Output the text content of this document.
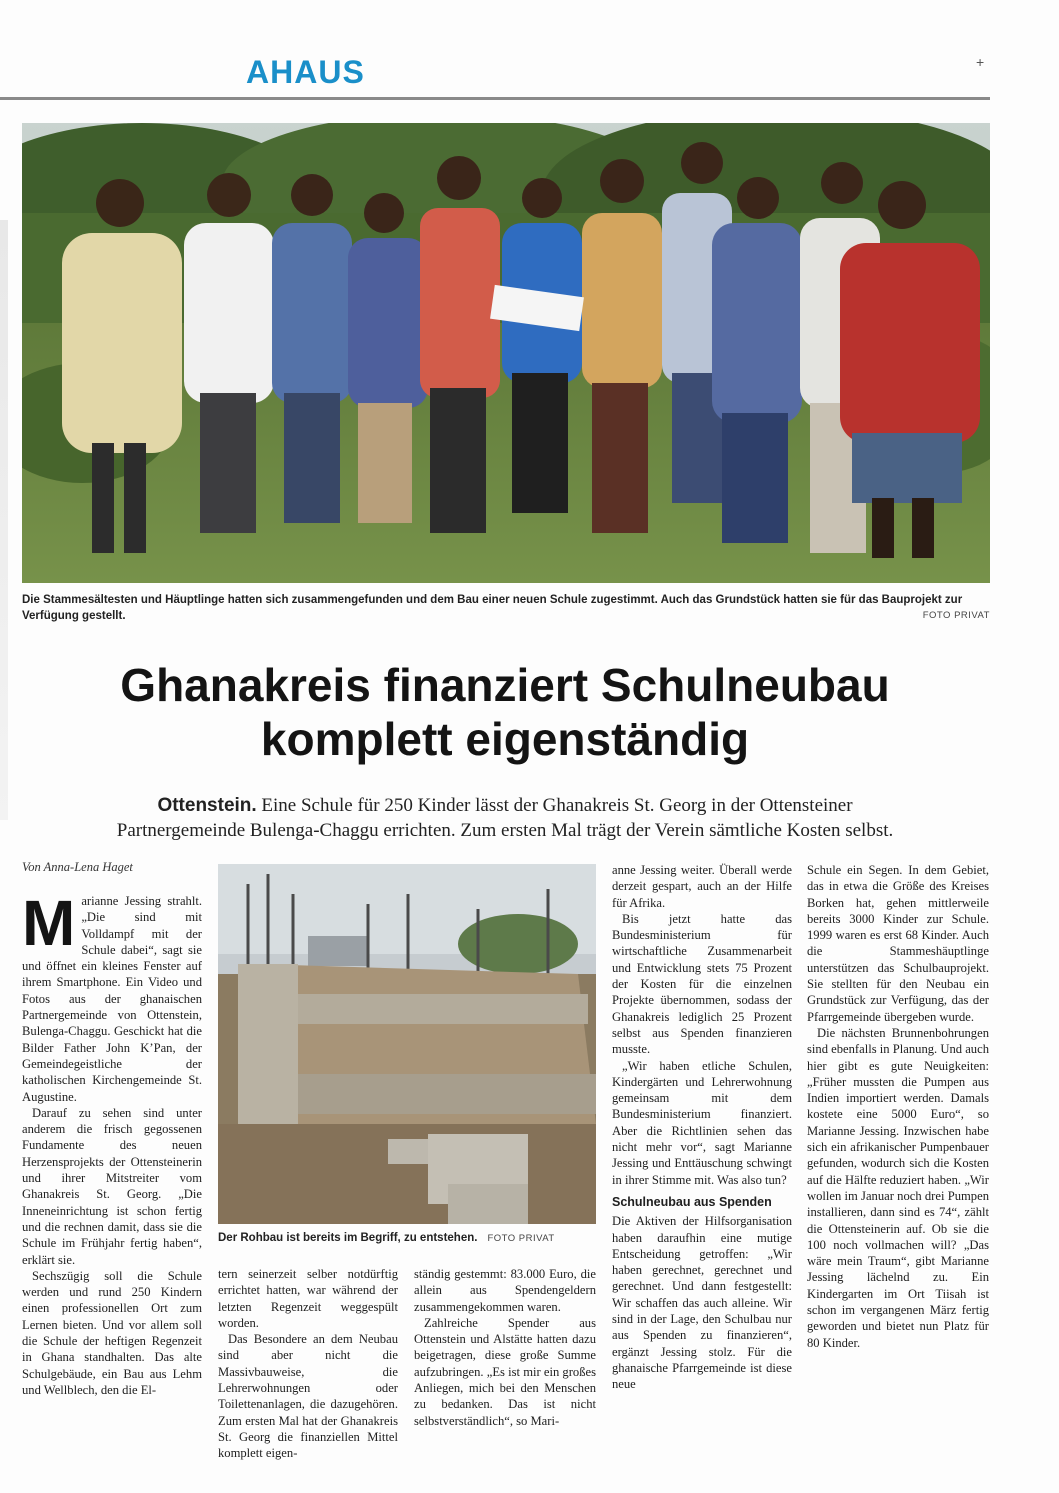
AHAUS	+
Die Stammesältesten und Häuptlinge hatten sich zusammengefunden und dem Bau einer neuen Schule zugestimmt. Auch das Grundstück hatten sie für das Bauprojekt zur Verfügung gestellt.	FOTO PRIVAT
Ghanakreis finanziert Schulneubau
komplett eigenständig
Ottenstein. Eine Schule für 250 Kinder lässt der Ghanakreis St. Georg in der Ottensteiner
Partnergemeinde Bulenga-Chaggu errichten. Zum ersten Mal trägt der Verein sämtliche Kosten selbst.
Von Anna-Lena Haget

Marianne Jessing strahlt. „Die sind mit Volldampf mit der Schule dabei“, sagt sie und öffnet ein kleines Fenster auf ihrem Smartphone. Ein Video und Fotos aus der ghanaischen Partnergemeinde von Ottenstein, Bulenga-Chaggu. Geschickt hat die Bilder Father John K’Pan, der Gemeindegeistliche der katholischen Kirchengemeinde St. Augustine.

Darauf zu sehen sind unter anderem die frisch gegossenen Fundamente des neuen Herzensprojekts der Ottensteinerin und ihrer Mitstreiter vom Ghanakreis St. Georg. „Die Inneneinrichtung ist schon fertig und die rechnen damit, dass sie die Schule im Frühjahr fertig haben“, erklärt sie.

Sechszügig soll die Schule werden und rund 250 Kindern einen professionellen Ort zum Lernen bieten. Und vor allem soll die Schule der heftigen Regenzeit in Ghana standhalten. Das alte Schulgebäude, ein Bau aus Lehm und Wellblech, den die El-

Der Rohbau ist bereits im Begriff, zu entstehen. FOTO PRIVAT

tern seinerzeit selber notdürftig errichtet hatten, war während der letzten Regenzeit weggespült worden.

Das Besondere an dem Neubau sind aber nicht die Massivbauweise, die Lehrerwohnungen oder Toilettenanlagen, die dazugehören. Zum ersten Mal hat der Ghanakreis St. Georg die finanziellen Mittel komplett eigen-

ständig gestemmt: 83.000 Euro, die allein aus Spendengeldern zusammengekommen waren.

Zahlreiche Spender aus Ottenstein und Alstätte hatten dazu beigetragen, diese große Summe aufzubringen. „Es ist mir ein großes Anliegen, mich bei den Menschen zu bedanken. Das ist nicht selbstverständlich“, so Mari-

anne Jessing weiter. Überall werde derzeit gespart, auch an der Hilfe für Afrika.

Bis jetzt hatte das Bundesministerium für wirtschaftliche Zusammenarbeit und Entwicklung stets 75 Prozent der Kosten für die einzelnen Projekte übernommen, sodass der Ghanakreis lediglich 25 Prozent selbst aus Spenden finanzieren musste.

„Wir haben etliche Schulen, Kindergärten und Lehrerwohnung gemeinsam mit dem Bundesministerium finanziert. Aber die Richtlinien sehen das nicht mehr vor“, sagt Marianne Jessing und Enttäuschung schwingt in ihrer Stimme mit. Was also tun?

Schulneubau aus Spenden

Die Aktiven der Hilfsorganisation haben daraufhin eine mutige Entscheidung getroffen: „Wir haben gerechnet, gerechnet und gerechnet. Und dann festgestellt: Wir schaffen das auch alleine. Wir sind in der Lage, den Schulbau nur aus Spenden zu finanzieren“, ergänzt Jessing stolz. Für die ghanaische Pfarrgemeinde ist diese neue

Schule ein Segen. In dem Gebiet, das in etwa die Größe des Kreises Borken hat, gehen mittlerweile bereits 3000 Kinder zur Schule. 1999 waren es erst 68 Kinder. Auch die Stammeshäuptlinge unterstützen das Schulbauprojekt. Sie stellten für den Neubau ein Grundstück zur Verfügung, das der Pfarrgemeinde übergeben wurde.

Die nächsten Brunnenbohrungen sind ebenfalls in Planung. Und auch hier gibt es gute Neuigkeiten: „Früher mussten die Pumpen aus Indien importiert werden. Damals kostete eine 5000 Euro“, so Marianne Jessing. Inzwischen habe sich ein afrikanischer Pumpenbauer gefunden, wodurch sich die Kosten auf die Hälfte reduziert haben. „Wir wollen im Januar noch drei Pumpen installieren, dann sind es 74“, zählt die Ottensteinerin auf. Ob sie die 100 noch vollmachen will? „Das wäre mein Traum“, gibt Marianne Jessing lächelnd zu. Ein Kindergarten im Ort Tiisah ist schon im vergangenen März fertig geworden und bietet nun Platz für 80 Kinder.
